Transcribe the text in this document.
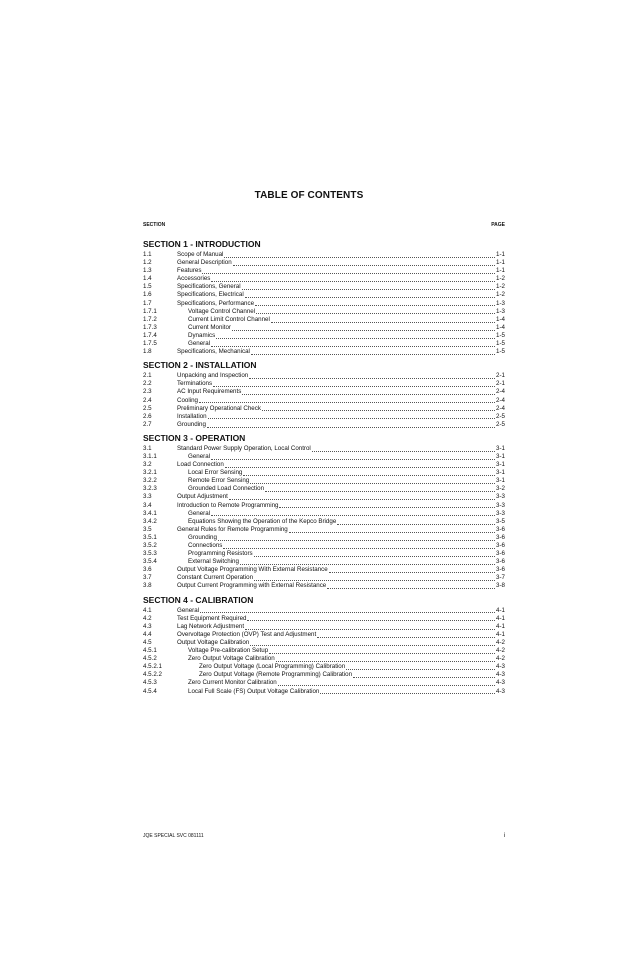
TABLE OF CONTENTS
SECTION	PAGE
SECTION 1 - INTRODUCTION
1.1	Scope of Manual	1-1
1.2	General Description	1-1
1.3	Features	1-1
1.4	Accessories	1-2
1.5	Specifications, General	1-2
1.6	Specifications, Electrical	1-2
1.7	Specifications, Performance	1-3
1.7.1	Voltage Control Channel	1-3
1.7.2	Current Limit Control Channel	1-4
1.7.3	Current Monitor	1-4
1.7.4	Dynamics	1-5
1.7.5	General	1-5
1.8	Specifications, Mechanical	1-5
SECTION 2 - INSTALLATION
2.1	Unpacking and Inspection	2-1
2.2	Terminations	2-1
2.3	AC Input Requirements	2-4
2.4	Cooling	2-4
2.5	Preliminary Operational Check	2-4
2.6	Installation	2-5
2.7	Grounding	2-5
SECTION 3 - OPERATION
3.1	Standard Power Supply Operation, Local Control	3-1
3.1.1	General	3-1
3.2	Load Connection	3-1
3.2.1	Local Error Sensing	3-1
3.2.2	Remote Error Sensing	3-1
3.2.3	Grounded Load Connection	3-2
3.3	Output Adjustment	3-3
3.4	Introduction to Remote Programming	3-3
3.4.1	General	3-3
3.4.2	Equations Showing the Operation of the Kepco Bridge	3-5
3.5	General Rules for Remote Programming	3-6
3.5.1	Grounding	3-6
3.5.2	Connections	3-6
3.5.3	Programming Resistors	3-6
3.5.4	External Switching	3-6
3.6	Output Voltage Programming With External Resistance	3-6
3.7	Constant Current Operation	3-7
3.8	Output Current Programming with External Resistance	3-8
SECTION 4 - CALIBRATION
4.1	General	4-1
4.2	Test Equipment Required	4-1
4.3	Lag Network Adjustment	4-1
4.4	Overvoltage Protection (OVP) Test and Adjustment	4-1
4.5	Output Voltage Calibration	4-2
4.5.1	Voltage Pre-calibration Setup	4-2
4.5.2	Zero Output Voltage Calibration	4-2
4.5.2.1	Zero Output Voltage (Local Programming) Calibration	4-3
4.5.2.2	Zero Output Voltage (Remote Programming) Calibration	4-3
4.5.3	Zero Current Monitor Calibration	4-3
4.5.4	Local Full Scale (FS) Output Voltage Calibration	4-3
JQE SPECIAL SVC 081111	i
